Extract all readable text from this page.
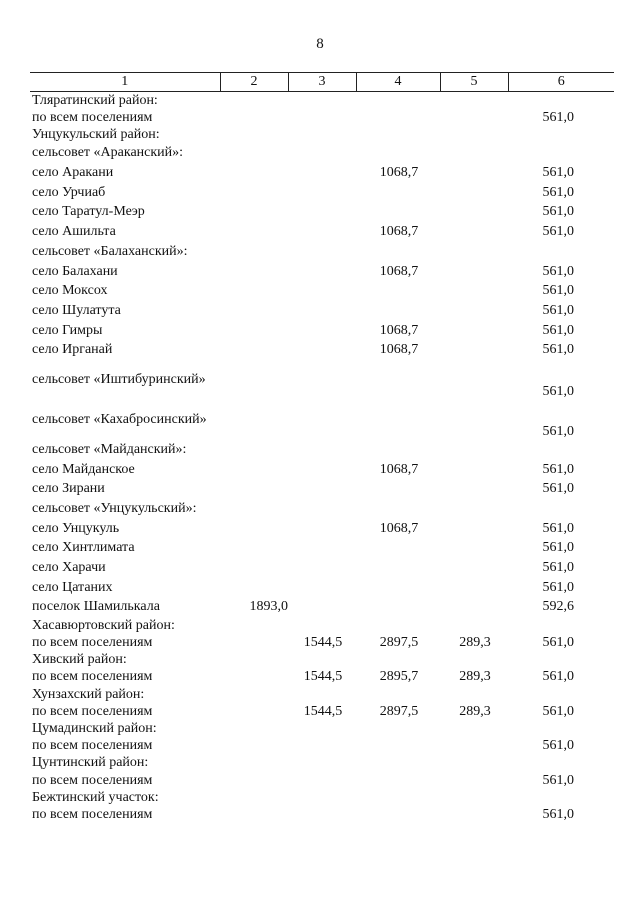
8
1	2	3	4	5	6
Тляратинский район:					
по всем поселениям					561,0
Унцукульский район:					
сельсовет «Араканский»:					
село Аракани			1068,7		561,0
село Урчиаб					561,0
село Таратул-Меэр					561,0
село Ашильта			1068,7		561,0
сельсовет «Балаханский»:					
село Балахани			1068,7		561,0
село Моксох					561,0
село Шулатута					561,0
село Гимры			1068,7		561,0
село Ирганай			1068,7		561,0
сельсовет «Иштибуринский»					561,0
сельсовет «Кахабросинский»					561,0
сельсовет «Майданский»:					
село Майданское			1068,7		561,0
село Зирани					561,0
сельсовет «Унцукульский»:					
село Унцукуль			1068,7		561,0
село Хинтлимата					561,0
село Харачи					561,0
село Цатаних					561,0
поселок Шамилькала	1893,0				592,6
Хасавюртовский район:					
по всем поселениям		1544,5	2897,5	289,3	561,0
Хивский район:					
по всем поселениям		1544,5	2895,7	289,3	561,0
Хунзахский район:					
по всем поселениям		1544,5	2897,5	289,3	561,0
Цумадинский район:					
по всем поселениям					561,0
Цунтинский район:					
по всем поселениям					561,0
Бежтинский участок:					
по всем поселениям					561,0
